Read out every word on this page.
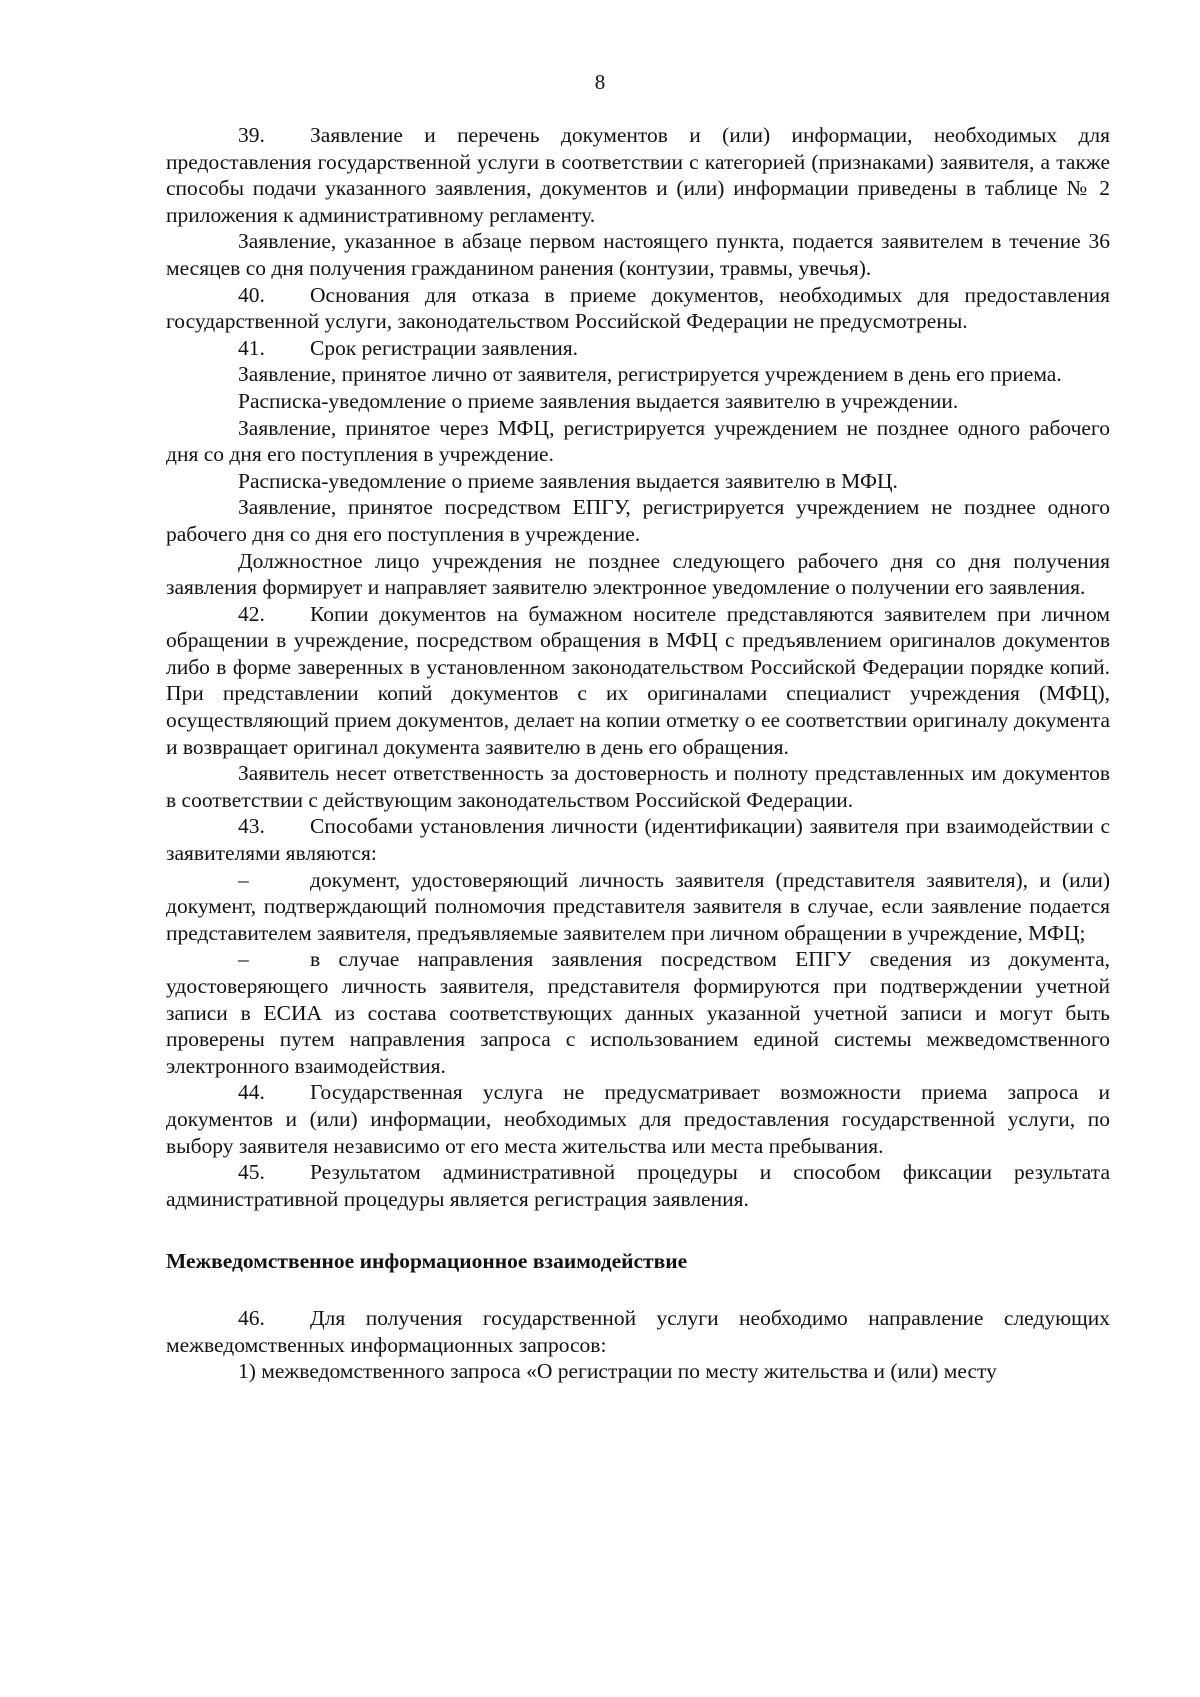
8

39. Заявление и перечень документов и (или) информации, необходимых для предоставления государственной услуги в соответствии с категорией (признаками) заявителя, а также способы подачи указанного заявления, документов и (или) информации приведены в таблице № 2 приложения к административному регламенту.

Заявление, указанное в абзаце первом настоящего пункта, подается заявителем в течение 36 месяцев со дня получения гражданином ранения (контузии, травмы, увечья).

40. Основания для отказа в приеме документов, необходимых для предоставления государственной услуги, законодательством Российской Федерации не предусмотрены.

41. Срок регистрации заявления.

Заявление, принятое лично от заявителя, регистрируется учреждением в день его приема.

Расписка-уведомление о приеме заявления выдается заявителю в учреждении.

Заявление, принятое через МФЦ, регистрируется учреждением не позднее одного рабочего дня со дня его поступления в учреждение.

Расписка-уведомление о приеме заявления выдается заявителю в МФЦ.

Заявление, принятое посредством ЕПГУ, регистрируется учреждением не позднее одного рабочего дня со дня его поступления в учреждение.

Должностное лицо учреждения не позднее следующего рабочего дня со дня получения заявления формирует и направляет заявителю электронное уведомление о получении его заявления.

42. Копии документов на бумажном носителе представляются заявителем при личном обращении в учреждение, посредством обращения в МФЦ с предъявлением оригиналов документов либо в форме заверенных в установленном законодательством Российской Федерации порядке копий. При представлении копий документов с их оригиналами специалист учреждения (МФЦ), осуществляющий прием документов, делает на копии отметку о ее соответствии оригиналу документа и возвращает оригинал документа заявителю в день его обращения.

Заявитель несет ответственность за достоверность и полноту представленных им документов в соответствии с действующим законодательством Российской Федерации.

43. Способами установления личности (идентификации) заявителя при взаимодействии с заявителями являются:

–	документ, удостоверяющий личность заявителя (представителя заявителя), и (или) документ, подтверждающий полномочия представителя заявителя в случае, если заявление подается представителем заявителя, предъявляемые заявителем при личном обращении в учреждение, МФЦ;

–	в случае направления заявления посредством ЕПГУ сведения из документа, удостоверяющего личность заявителя, представителя формируются при подтверждении учетной записи в ЕСИА из состава соответствующих данных указанной учетной записи и могут быть проверены путем направления запроса с использованием единой системы межведомственного электронного взаимодействия.

44. Государственная услуга не предусматривает возможности приема запроса и документов и (или) информации, необходимых для предоставления государственной услуги, по выбору заявителя независимо от его места жительства или места пребывания.

45. Результатом административной процедуры и способом фиксации результата административной процедуры является регистрация заявления.

Межведомственное информационное взаимодействие

46. Для получения государственной услуги необходимо направление следующих межведомственных информационных запросов:

1) межведомственного запроса «О регистрации по месту жительства и (или) месту
